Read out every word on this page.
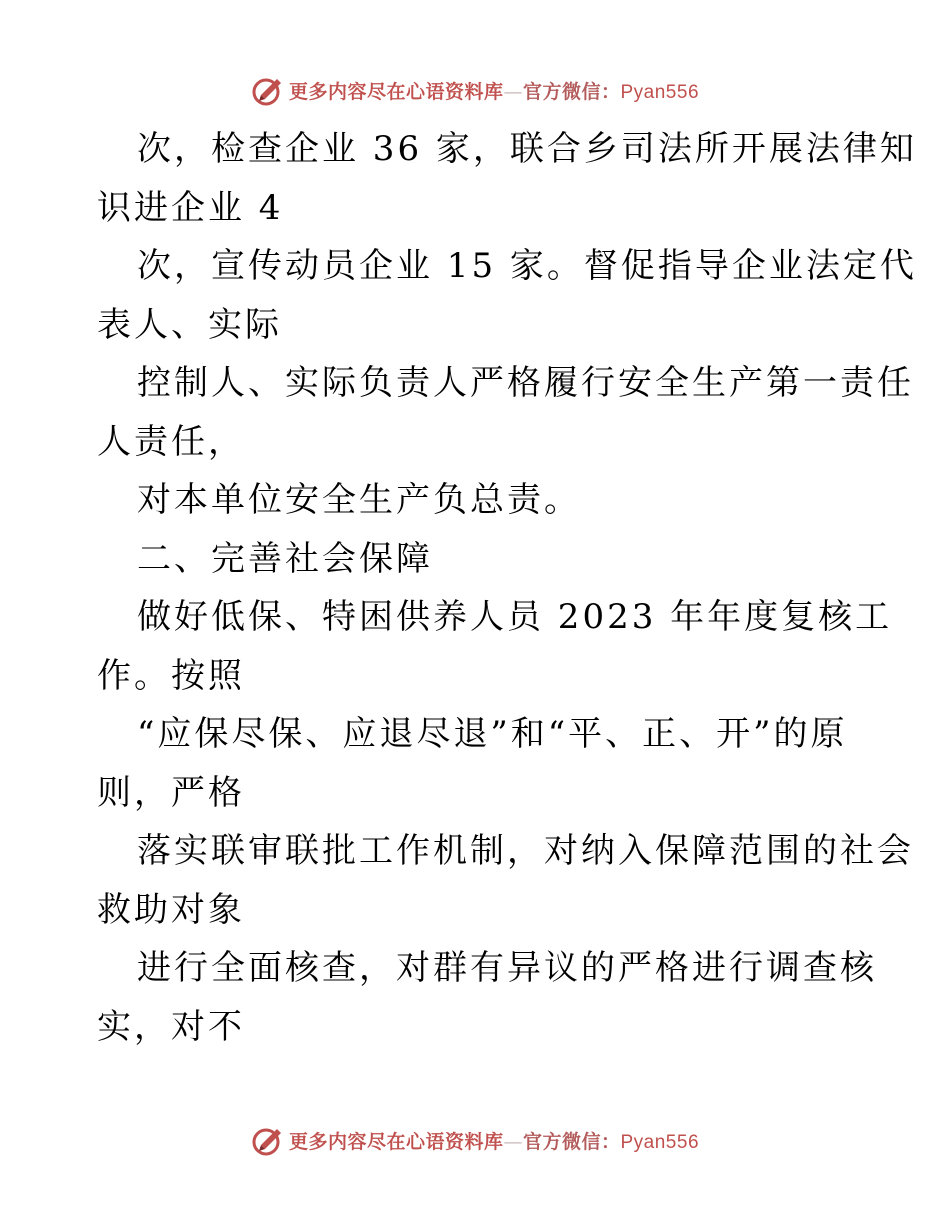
更多内容尽在心语资料库—官方微信：Pyan556
次，检查企业 36 家，联合乡司法所开展法律知
识进企业 4
次，宣传动员企业 15 家。督促指导企业法定代
表人、实际
控制人、实际负责人严格履行安全生产第一责任
人责任，
对本单位安全生产负总责。
二、完善社会保障
做好低保、特困供养人员 2023 年年度复核工
作。按照
“应保尽保、应退尽退”和“平、正、开”的原
则，严格
落实联审联批工作机制，对纳入保障范围的社会
救助对象
进行全面核查，对群有异议的严格进行调查核
实，对不
更多内容尽在心语资料库—官方微信：Pyan556
